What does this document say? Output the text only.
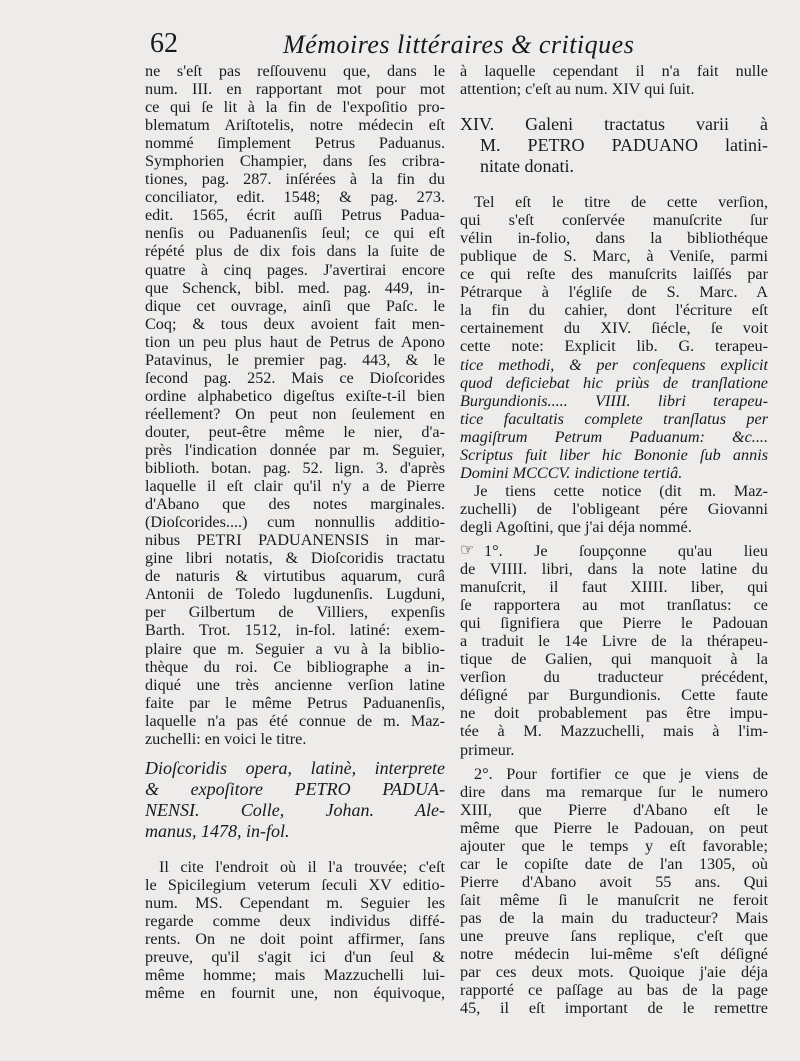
62	Mémoires littéraires & critiques
ne s'eſt pas reſſouvenu que, dans le
num. III. en rapportant mot pour mot
ce qui ſe lit à la fin de l'expoſitio pro-
blematum Ariſtotelis, notre médecin eſt
nommé ſimplement Petrus Paduanus.
Symphorien Champier, dans ſes cribra-
tiones, pag. 287. inſérées à la fin du
conciliator, edit. 1548; & pag. 273.
edit. 1565, écrit auſſi Petrus Padua-
nenſis ou Paduanenſis ſeul; ce qui eſt
répété plus de dix fois dans la ſuite de
quatre à cinq pages. J'avertirai encore
que Schenck, bibl. med. pag. 449, in-
dique cet ouvrage, ainſi que Paſc. le
Coq; & tous deux avoient fait men-
tion un peu plus haut de Petrus de Apono
Patavinus, le premier pag. 443, & le
ſecond pag. 252. Mais ce Dioſcorides
ordine alphabetico digeſtus exiſte-t-il bien
réellement? On peut non ſeulement en
douter, peut-être même le nier, d'a-
près l'indication donnée par m. Seguier,
biblioth. botan. pag. 52. lign. 3. d'après
laquelle il eſt clair qu'il n'y a de Pierre
d'Abano que des notes marginales.
(Dioſcorides....) cum nonnullis additio-
nibus PETRI PADUANENSIS in mar-
gine libri notatis, & Dioſcoridis tractatu
de naturis & virtutibus aquarum, curâ
Antonii de Toledo lugdunenſis. Lugduni,
per Gilbertum de Villiers, expenſis
Barth. Trot. 1512, in-fol. latiné: exem-
plaire que m. Seguier a vu à la biblio-
thèque du roi. Ce bibliographe a in-
diqué une très ancienne verſion latine
faite par le même Petrus Paduanenſis,
laquelle n'a pas été connue de m. Maz-
zuchelli: en voici le titre.
Dioſcoridis opera, latinè, interprete
& expoſitore PETRO PADUA-
NENSI. Colle, Johan. Ale-
manus, 1478, in-fol.
Il cite l'endroit où il l'a trouvée; c'eſt
le Spicilegium veterum ſeculi XV editio-
num. MS. Cependant m. Seguier les
regarde comme deux individus diffé-
rents. On ne doit point affirmer, ſans
preuve, qu'il s'agit ici d'un ſeul &
même homme; mais Mazzuchelli lui-
même en fournit une, non équivoque,
à laquelle cependant il n'a fait nulle
attention; c'eſt au num. XIV qui ſuit.
XIV. Galeni tractatus varii à
M. PETRO PADUANO latini-
nitate donati.
Tel eſt le titre de cette verſion,
qui s'eſt conſervée manuſcrite ſur
vélin in-folio, dans la bibliothéque
publique de S. Marc, à Veniſe, parmi
ce qui reſte des manuſcrits laiſſés par
Pétrarque à l'égliſe de S. Marc. A
la fin du cahier, dont l'écriture eſt
certainement du XIV. ſiécle, ſe voit
cette note: Explicit lib. G. terapeu-
tice methodi, & per conſequens explicit
quod deficiebat hic priùs de tranſlatione
Burgundionis..... VIIII. libri terapeu-
tice facultatis complete tranſlatus per
magiſtrum Petrum Paduanum: &c....
Scriptus fuit liber hic Bononie ſub annis
Domini MCCCV. indictione tertiâ.
Je tiens cette notice (dit m. Maz-
zuchelli) de l'obligeant pére Giovanni
degli Agoſtini, que j'ai déja nommé.
☞ 1°. Je ſoupçonne qu'au lieu
de VIIII. libri, dans la note latine du
manuſcrit, il faut XIIII. liber, qui
ſe rapportera au mot tranſlatus: ce
qui ſignifiera que Pierre le Padouan
a traduit le 14e Livre de la thérapeu-
tique de Galien, qui manquoit à la
verſion du traducteur précédent,
déſigné par Burgundionis. Cette faute
ne doit probablement pas être impu-
tée à M. Mazzuchelli, mais à l'im-
primeur.
2°. Pour fortifier ce que je viens de
dire dans ma remarque ſur le numero
XIII, que Pierre d'Abano eſt le
même que Pierre le Padouan, on peut
ajouter que le temps y eſt favorable;
car le copiſte date de l'an 1305, où
Pierre d'Abano avoit 55 ans. Qui
ſait même ſi le manuſcrit ne feroit
pas de la main du traducteur? Mais
une preuve ſans replique, c'eſt que
notre médecin lui-même s'eſt déſigné
par ces deux mots. Quoique j'aie déja
rapporté ce paſſage au bas de la page
45, il eſt important de le remettre
